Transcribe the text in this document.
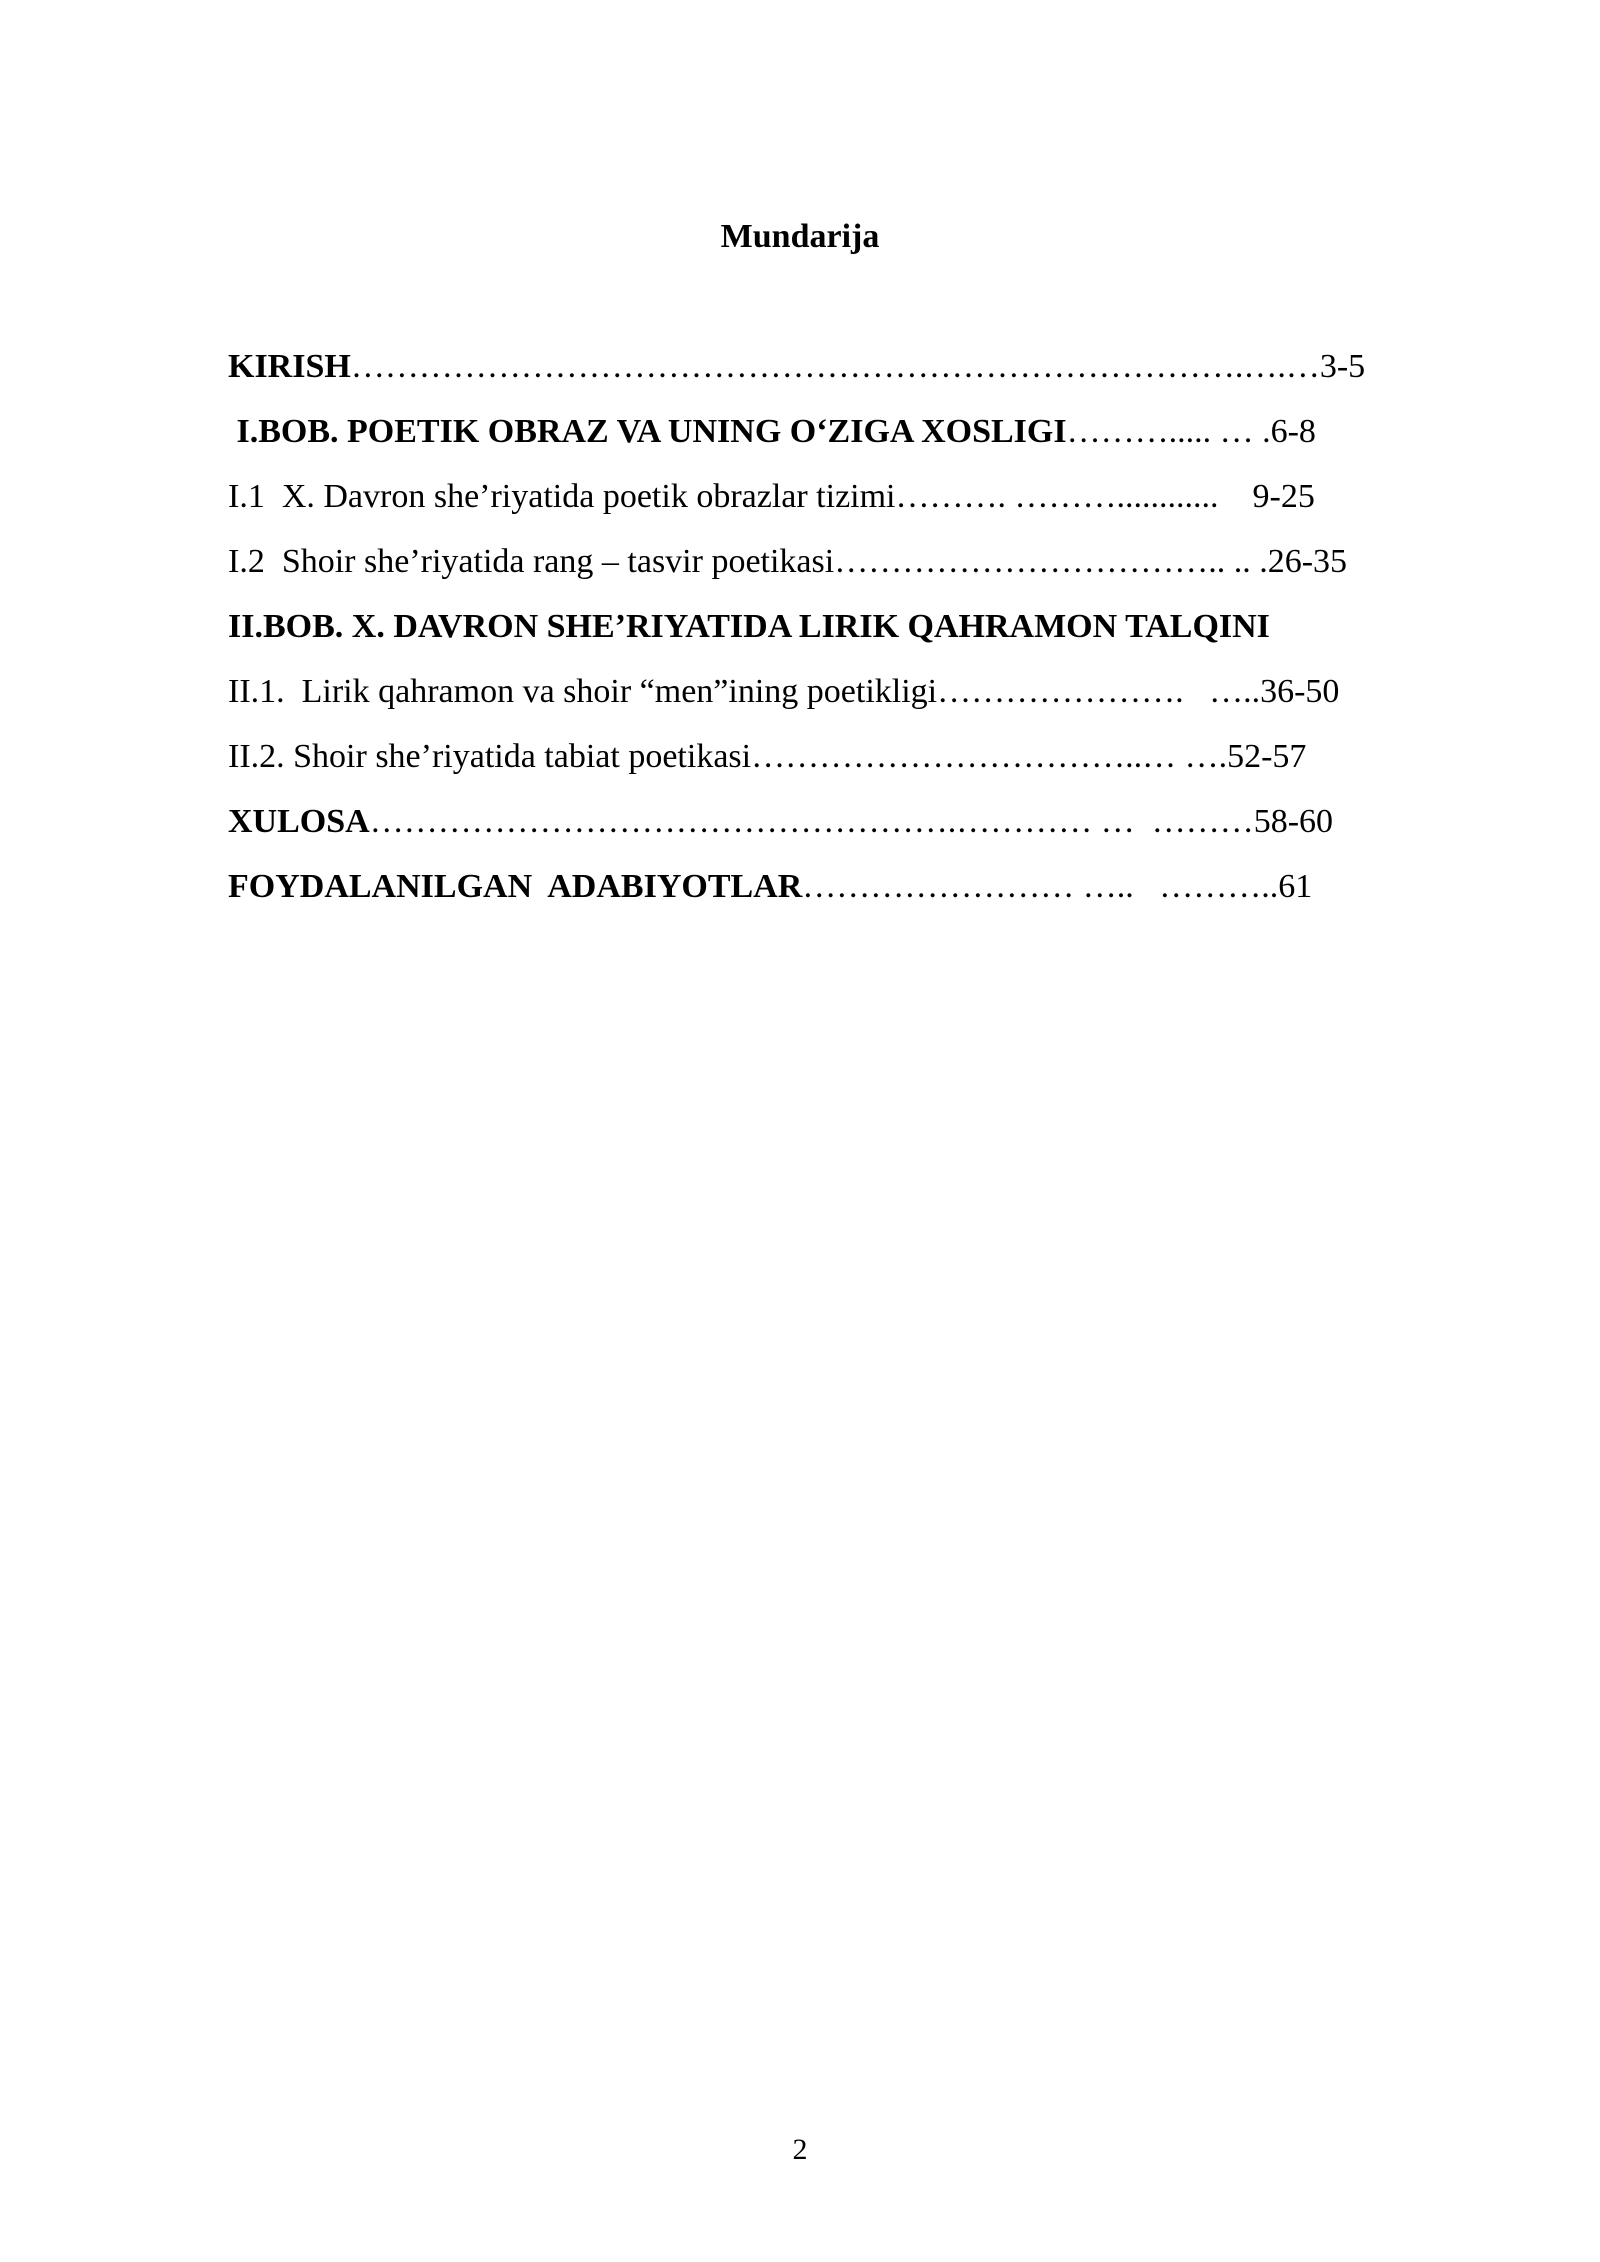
Mundarija
KIRISH…………………………………………………………………….….…3-5
I.BOB. POETIK OBRAZ VA UNING O‘ZIGA XOSLIGI………..... … .6-8
I.1  X. Davron she’riyatida poetik obrazlar tizimi………. ………............    9-25
I.2  Shoir she’riyatida rang – tasvir poetikasi…………………………….. .. .26-35
II.BOB. X. DAVRON SHE’RIYATIDA LIRIK QAHRAMON TALQINI
II.1.  Lirik qahramon va shoir “men”ining poetikligi………………….   …..36-50
II.2. Shoir she’riyatida tabiat poetikasi……………………………..… ….52-57
XULOSA…………………………………………….………… …  ………58-60
FOYDALANILGAN  ADABIYOTLAR…………………… …..   ………..61
2
